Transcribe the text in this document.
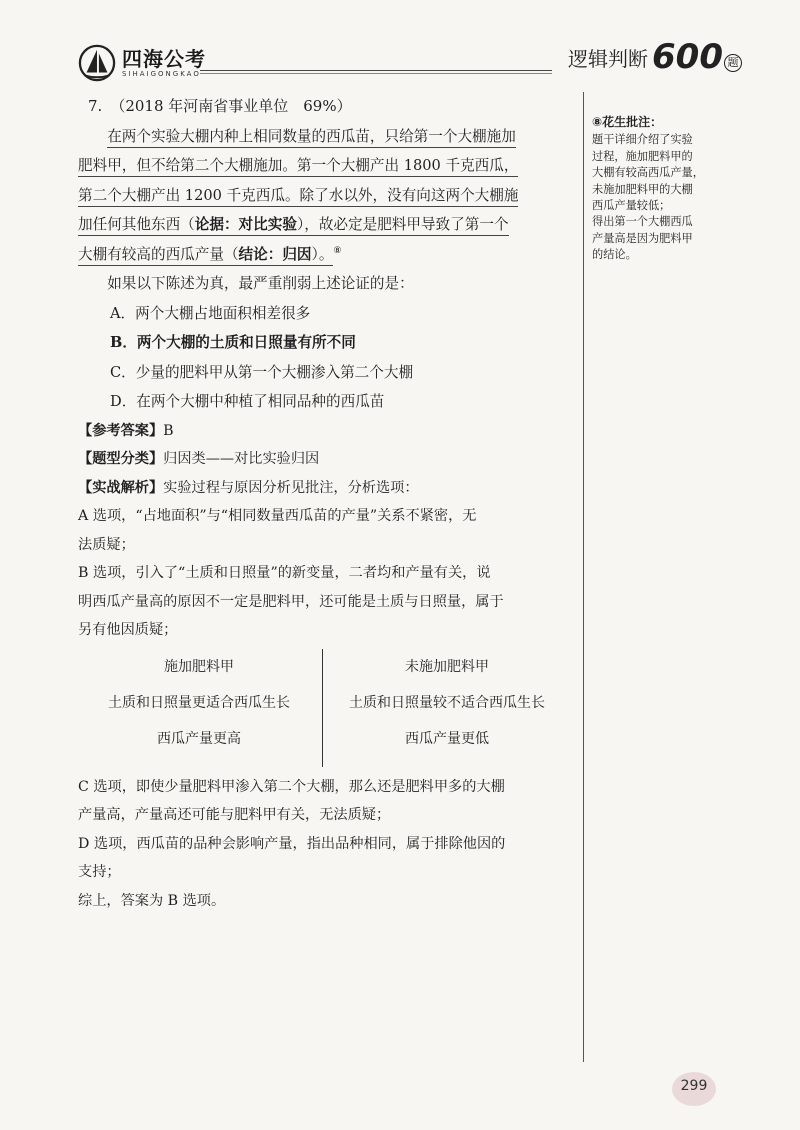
四海公考
SIHAIGONGKAO
逻辑判断 600 题
7. （2018 年河南省事业单位　69%）

在两个实验大棚内种上相同数量的西瓜苗，只给第一个大棚施加
肥料甲，但不给第二个大棚施加。第一个大棚产出 1800 千克西瓜，
第二个大棚产出 1200 千克西瓜。除了水以外，没有向这两个大棚施
加任何其他东西（论据：对比实验），故必定是肥料甲导致了第一个
大棚有较高的西瓜产量（结论：归因）。⑧

如果以下陈述为真，最严重削弱上述论证的是：

A．两个大棚占地面积相差很多

B．两个大棚的土质和日照量有所不同

C．少量的肥料甲从第一个大棚渗入第二个大棚

D．在两个大棚中种植了相同品种的西瓜苗

【参考答案】B

【题型分类】归因类——对比实验归因

【实战解析】实验过程与原因分析见批注，分析选项：

A 选项，“占地面积”与“相同数量西瓜苗的产量”关系不紧密，无

法质疑；

B 选项，引入了“土质和日照量”的新变量，二者均和产量有关，说

明西瓜产量高的原因不一定是肥料甲，还可能是土质与日照量，属于

另有他因质疑；

施加肥料甲
土质和日照量更适合西瓜生长
西瓜产量更高
未施加肥料甲
土质和日照量较不适合西瓜生长
西瓜产量更低

C 选项，即使少量肥料甲渗入第二个大棚，那么还是肥料甲多的大棚

产量高，产量高还可能与肥料甲有关，无法质疑；

D 选项，西瓜苗的品种会影响产量，指出品种相同，属于排除他因的

支持；

综上，答案为 B 选项。

⑧花生批注：

题干详细介绍了实验
过程，施加肥料甲的
大棚有较高西瓜产量，
未施加肥料甲的大棚
西瓜产量较低；
得出第一个大棚西瓜
产量高是因为肥料甲
的结论。

299
